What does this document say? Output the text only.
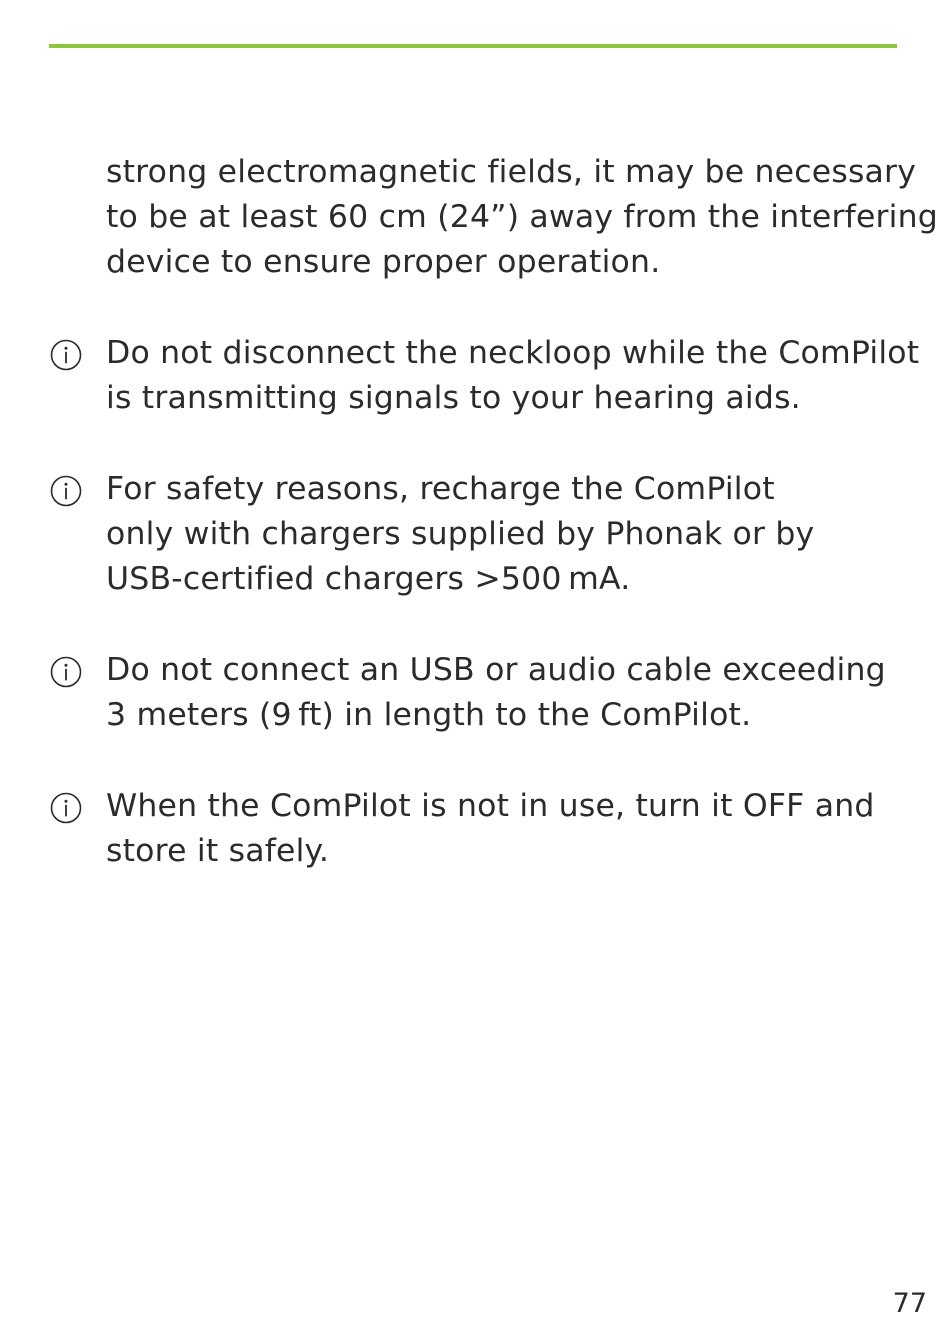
strong electromagnetic fields, it may be necessary
to be at least 60 cm (24”) away from the interfering
device to ensure proper operation.

Do not disconnect the neckloop while the ComPilot
is transmitting signals to your hearing aids.

For safety reasons, recharge the ComPilot
only with chargers supplied by Phonak or by
USB-certified chargers >500 mA.

Do not connect an USB or audio cable exceeding
3 meters (9 ft) in length to the ComPilot.

When the ComPilot is not in use, turn it OFF and
store it safely.

77
